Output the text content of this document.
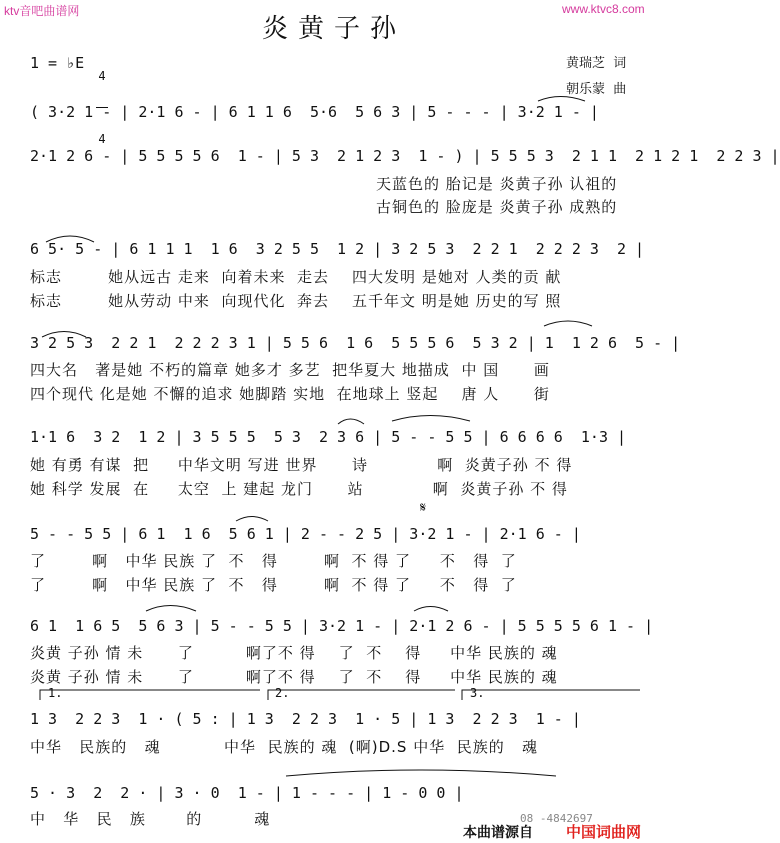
ktv音吧曲谱网	www.ktvc8.com
炎黄子孙
1 = ♭E

4

4

黄瑞芝  词
朝乐蒙  曲
( 3·2 1 - | 2·1 6 - | 6 1 1 6  5·6  5 6 3 | 5 - - - | 3·2 1 - |
2·1 2 6 - | 5 5 5 5 6  1 - | 5 3  2 1 2 3  1 - ) | 5 5 5 3  2 1 1  2 1 2 1  2 2 3 |
天蓝色的 胎记是 炎黄子孙 认祖的
古铜色的 脸庞是 炎黄子孙 成熟的
6 5· 5 - | 6 1 1 1  1 6  3 2 5 5  1 2 | 3 2 5 3  2 2 1  2 2 2 3  2 |
标志        她从远古 走来  向着未来  走去    四大发明 是她对 人类的贡 献
标志        她从劳动 中来  向现代化  奔去    五千年文 明是她 历史的写 照
3 2 5 3  2 2 1  2 2 2 3 1 | 5 5 6  1 6  5 5 5 6  5 3 2 | 1  1 2 6  5 - |
四大名   著是她 不朽的篇章 她多才 多艺  把华夏大 地描成  中 国      画
四个现代 化是她 不懈的追求 她脚踏 实地  在地球上 竖起    唐 人      街
1·1 6  3 2  1 2 | 3 5 5 5  5 3  2 3 6 | 5 - - 5 5 | 6 6 6 6  1·3 |
她 有勇 有谋  把     中华文明 写进 世界      诗            啊  炎黄子孙 不 得
她 科学 发展  在     太空  上 建起 龙门      站            啊  炎黄子孙 不 得
5 - - 5 5 | 6 1  1 6  5 6 1 | 2 - - 2 5 | 3·2 1 - | 2·1 6 - |
了        啊   中华 民族 了  不   得        啊  不 得 了     不   得  了
了        啊   中华 民族 了  不   得        啊  不 得 了     不   得  了
𝄋
6 1  1 6 5  5 6 3 | 5 - - 5 5 | 3·2 1 - | 2·1 2 6 - | 5 5 5 5 6 1 - |
炎黄 子孙 情 未      了         啊了不 得    了  不    得     中华 民族的 魂
炎黄 子孙 情 未      了         啊了不 得    了  不    得     中华 民族的 魂
1.	2.	3.
1 3  2 2 3  1 · ( 5 : | 1 3  2 2 3  1 · 5 | 1 3  2 2 3  1 - |
中华   民族的   魂           中华  民族的 魂  (啊)D.S 中华  民族的   魂
5 · 3  2  2 · | 3 · 0  1 - | 1 - - - | 1 - 0 0 |
中   华   民   族       的         魂	08 -4842697
本曲谱源自 中国词曲网
